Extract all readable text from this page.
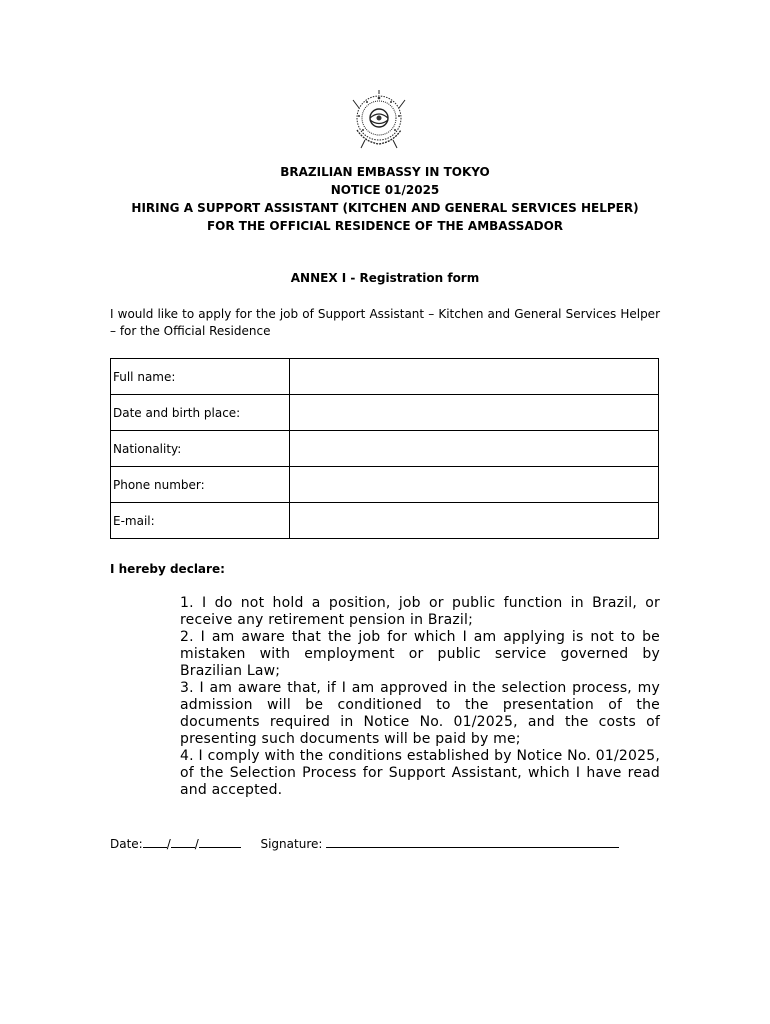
BRAZILIAN EMBASSY IN TOKYO
NOTICE 01/2025
HIRING A SUPPORT ASSISTANT (KITCHEN AND GENERAL SERVICES HELPER)
FOR THE OFFICIAL RESIDENCE OF THE AMBASSADOR
ANNEX I - Registration form
I would like to apply for the job of Support Assistant – Kitchen and General Services Helper – for the Official Residence
Full name:	
Date and birth place:	
Nationality:	
Phone number:	
E-mail:	
I hereby declare:

1. I do not hold a position, job or public function in Brazil, or receive any retirement pension in Brazil;

2. I am aware that the job for which I am applying is not to be mistaken with employment or public service governed by Brazilian Law;

3. I am aware that, if I am approved in the selection process, my admission will be conditioned to the presentation of the documents required in Notice No. 01/2025, and the costs of presenting such documents will be paid by me;

4. I comply with the conditions established by Notice No. 01/2025, of the Selection Process for Support Assistant, which I have read and accepted.

Date: / /	Signature:
